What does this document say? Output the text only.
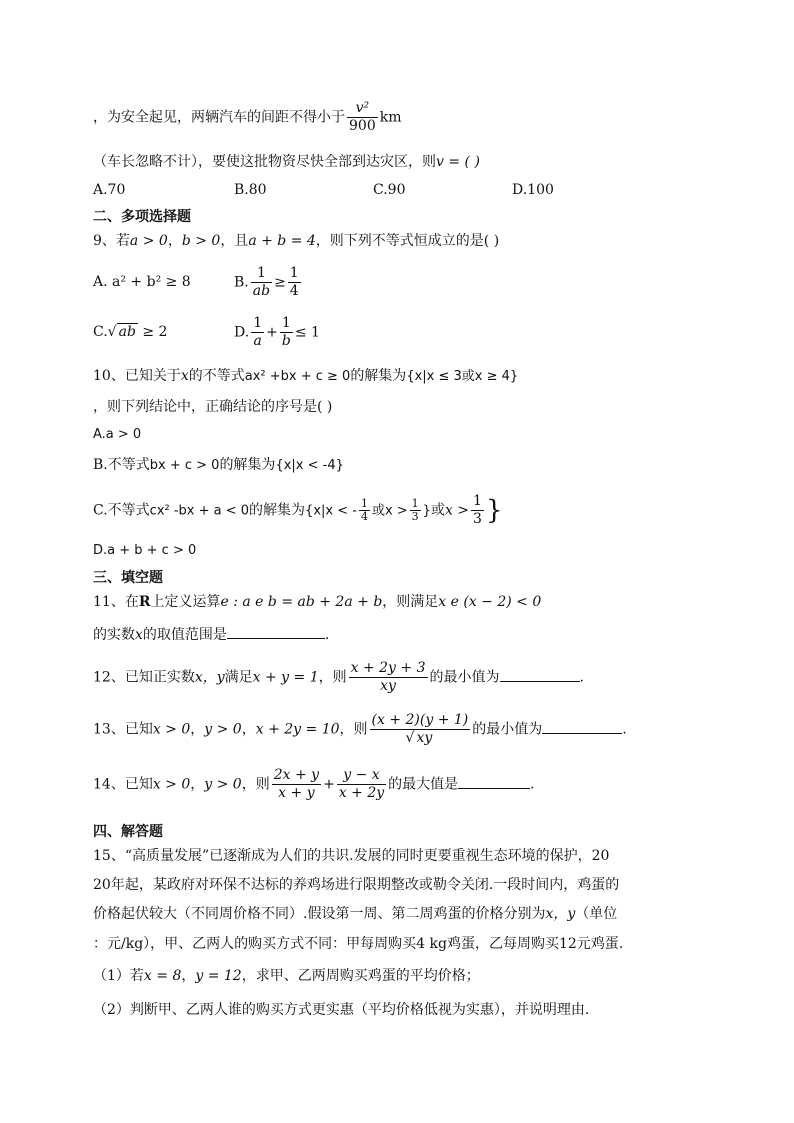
，为安全起见，两辆汽车的间距不得小于 $\frac{\text{v²}}{900}$ km
（车长忽略不计），要使这批物资尽快全部到达灾区，则v = ( )
A.70	B.80	C.90	D.100
二、多项选择题
9、若a > 0，b > 0，且a + b = 4，则下列不等式恒成立的是( )
A. a² + b² ≥ 8	B. $\frac{1}{ab} \ge \frac{1}{4}$
C.√ ab ≥ 2	D. $\frac{1}{a} + \frac{1}{b} \le 1$
10、已知关于x的不等式ax² +bx + c ≥ 0的解集为{x|x ≤ 3或x ≥ 4}
，则下列结论中，正确结论的序号是( )
A.a > 0
B.不等式bx + c > 0的解集为{x|x < -4}
C.不等式cx² -bx + a < 0的解集为{x|x < - $\frac{1}{4}$ 或$x > \frac{1}{3}$ }或$x > \frac{1}{3}$ }
D.a + b + c > 0
三、填空题
11、在R上定义运算e : a e b = ab + 2a + b，则满足x e (x − 2) < 0
的实数x的取值范围是	.
12、已知正实数x，y满足x + y = 1，则 $\frac{x + 2y + 3}{xy}$ 的最小值为	.
13、已知x > 0，y > 0，x + 2y = 10，则 $\frac{(x + 2)(y + 1)}{√ xy}$ 的最小值为	.
14、已知x > 0，y > 0，则 $\frac{2x + y}{x + y} + \frac{y - x}{x + 2y}$ 的最大值是	.
四、解答题
15、“高质量发展”已逐渐成为人们的共识.发展的同时更要重视生态环境的保护，20
20年起，某政府对环保不达标的养鸡场进行限期整改或勒令关闭.一段时间内，鸡蛋的
价格起伏较大（不同周价格不同）.假设第一周、第二周鸡蛋的价格分别为x，y（单位
：元/kg），甲、乙两人的购买方式不同：甲每周购买4 kg鸡蛋，乙每周购买12元鸡蛋.
（1）若x = 8，y = 12，求甲、乙两周购买鸡蛋的平均价格；
（2）判断甲、乙两人谁的购买方式更实惠（平均价格低视为实惠），并说明理由.
